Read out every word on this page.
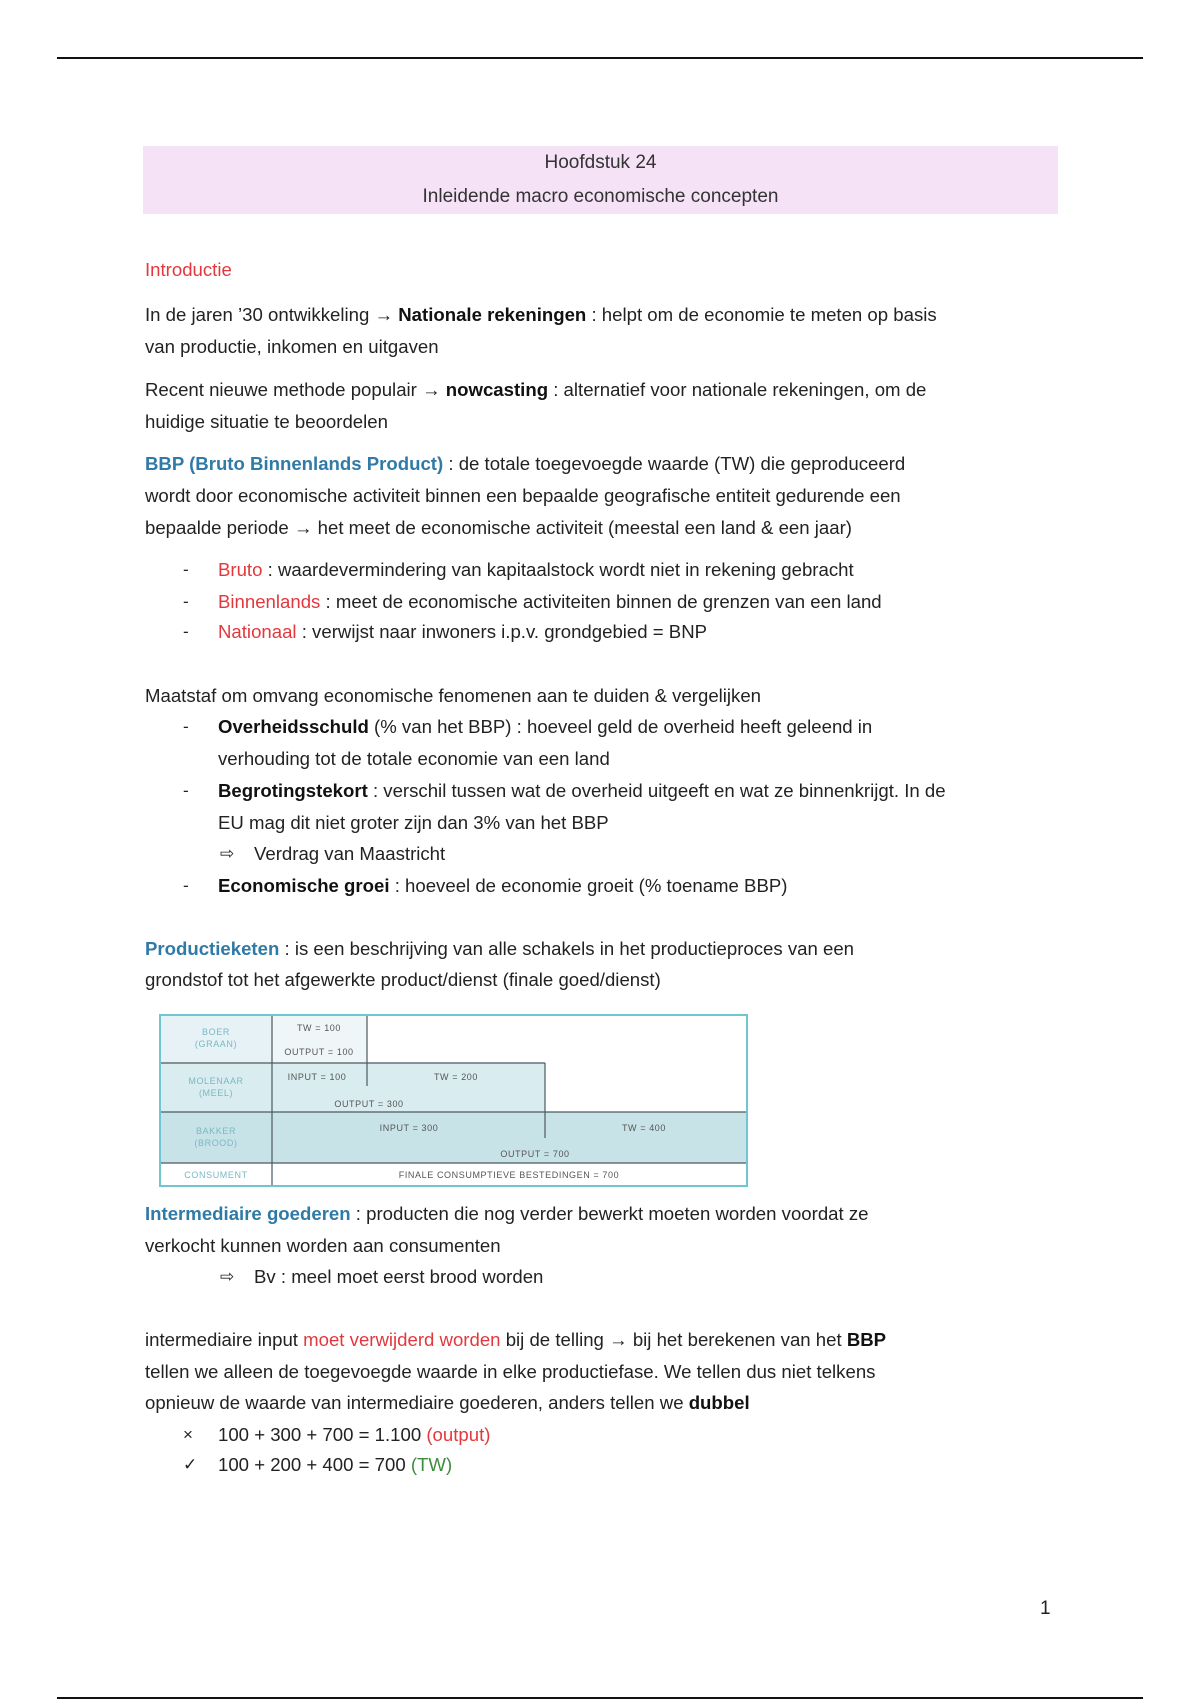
Hoofdstuk 24
Inleidende macro economische concepten
Introductie
In de jaren ’30 ontwikkeling → Nationale rekeningen : helpt om de economie te meten op basis
van productie, inkomen en uitgaven
Recent nieuwe methode populair → nowcasting : alternatief voor nationale rekeningen, om de
huidige situatie te beoordelen
BBP (Bruto Binnenlands Product) : de totale toegevoegde waarde (TW) die geproduceerd
wordt door economische activiteit binnen een bepaalde geografische entiteit gedurende een
bepaalde periode → het meet de economische activiteit (meestal een land & een jaar)
- Bruto : waardevermindering van kapitaalstock wordt niet in rekening gebracht
- Binnenlands : meet de economische activiteiten binnen de grenzen van een land
- Nationaal : verwijst naar inwoners i.p.v. grondgebied = BNP
Maatstaf om omvang economische fenomenen aan te duiden & vergelijken
- Overheidsschuld (% van het BBP) : hoeveel geld de overheid heeft geleend in
verhouding tot de totale economie van een land
- Begrotingstekort : verschil tussen wat de overheid uitgeeft en wat ze binnenkrijgt. In de
EU mag dit niet groter zijn dan 3% van het BBP
⇨ Verdrag van Maastricht
- Economische groei : hoeveel de economie groeit (% toename BBP)
Productieketen : is een beschrijving van alle schakels in het productieproces van een
grondstof tot het afgewerkte product/dienst (finale goed/dienst)
Intermediaire goederen : producten die nog verder bewerkt moeten worden voordat ze
verkocht kunnen worden aan consumenten
⇨ Bv : meel moet eerst brood worden
intermediaire input moet verwijderd worden bij de telling → bij het berekenen van het BBP
tellen we alleen de toegevoegde waarde in elke productiefase. We tellen dus niet telkens
opnieuw de waarde van intermediaire goederen, anders tellen we dubbel
× 100 + 300 + 700 = 1.100 (output)
✓ 100 + 200 + 400 = 700 (TW)
BOER
(GRAAN)
MOLENAAR
(MEEL)
BAKKER
(BROOD)
CONSUMENT
TW = 100
OUTPUT = 100
INPUT = 100	TW = 200
OUTPUT = 300
INPUT = 300	TW = 400
OUTPUT = 700
FINALE CONSUMPTIEVE BESTEDINGEN = 700
1
